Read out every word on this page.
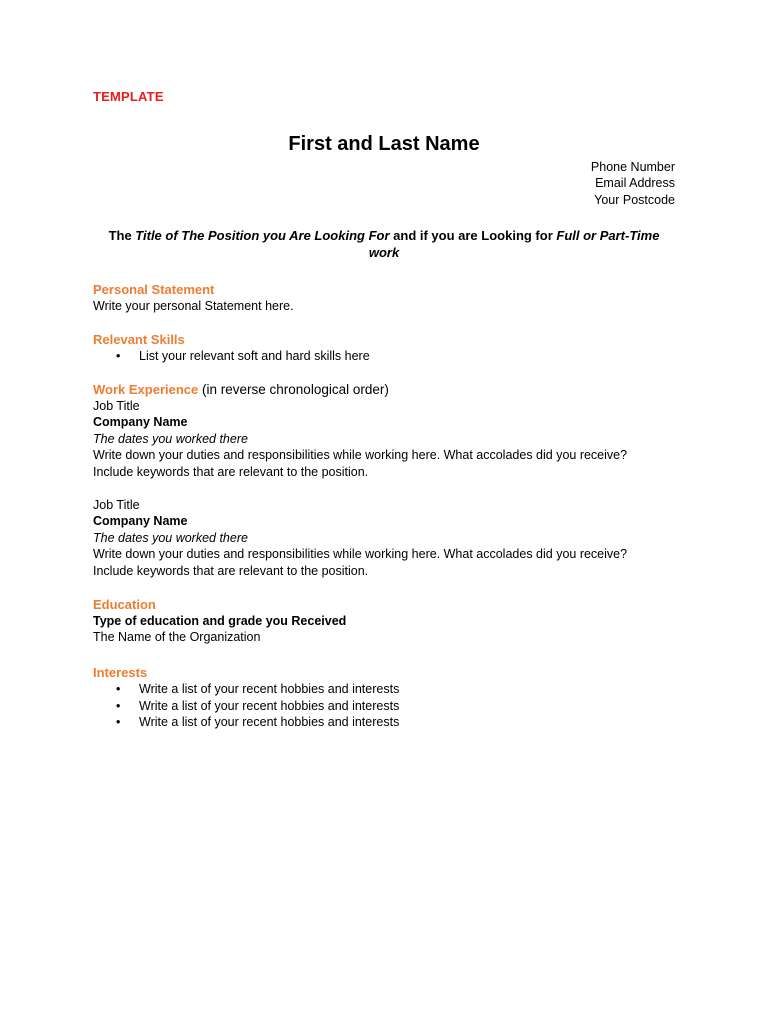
TEMPLATE
First and Last Name
Phone Number
Email Address
Your Postcode
The Title of The Position you Are Looking For and if you are Looking for Full or Part-Time
work
Personal Statement
Write your personal Statement here.
Relevant Skills
• List your relevant soft and hard skills here
Work Experience (in reverse chronological order)
Job Title
Company Name
The dates you worked there
Write down your duties and responsibilities while working here. What accolades did you receive?
Include keywords that are relevant to the position.
Job Title
Company Name
The dates you worked there
Write down your duties and responsibilities while working here. What accolades did you receive?
Include keywords that are relevant to the position.
Education
Type of education and grade you Received
The Name of the Organization
Interests
• Write a list of your recent hobbies and interests
• Write a list of your recent hobbies and interests
• Write a list of your recent hobbies and interests
